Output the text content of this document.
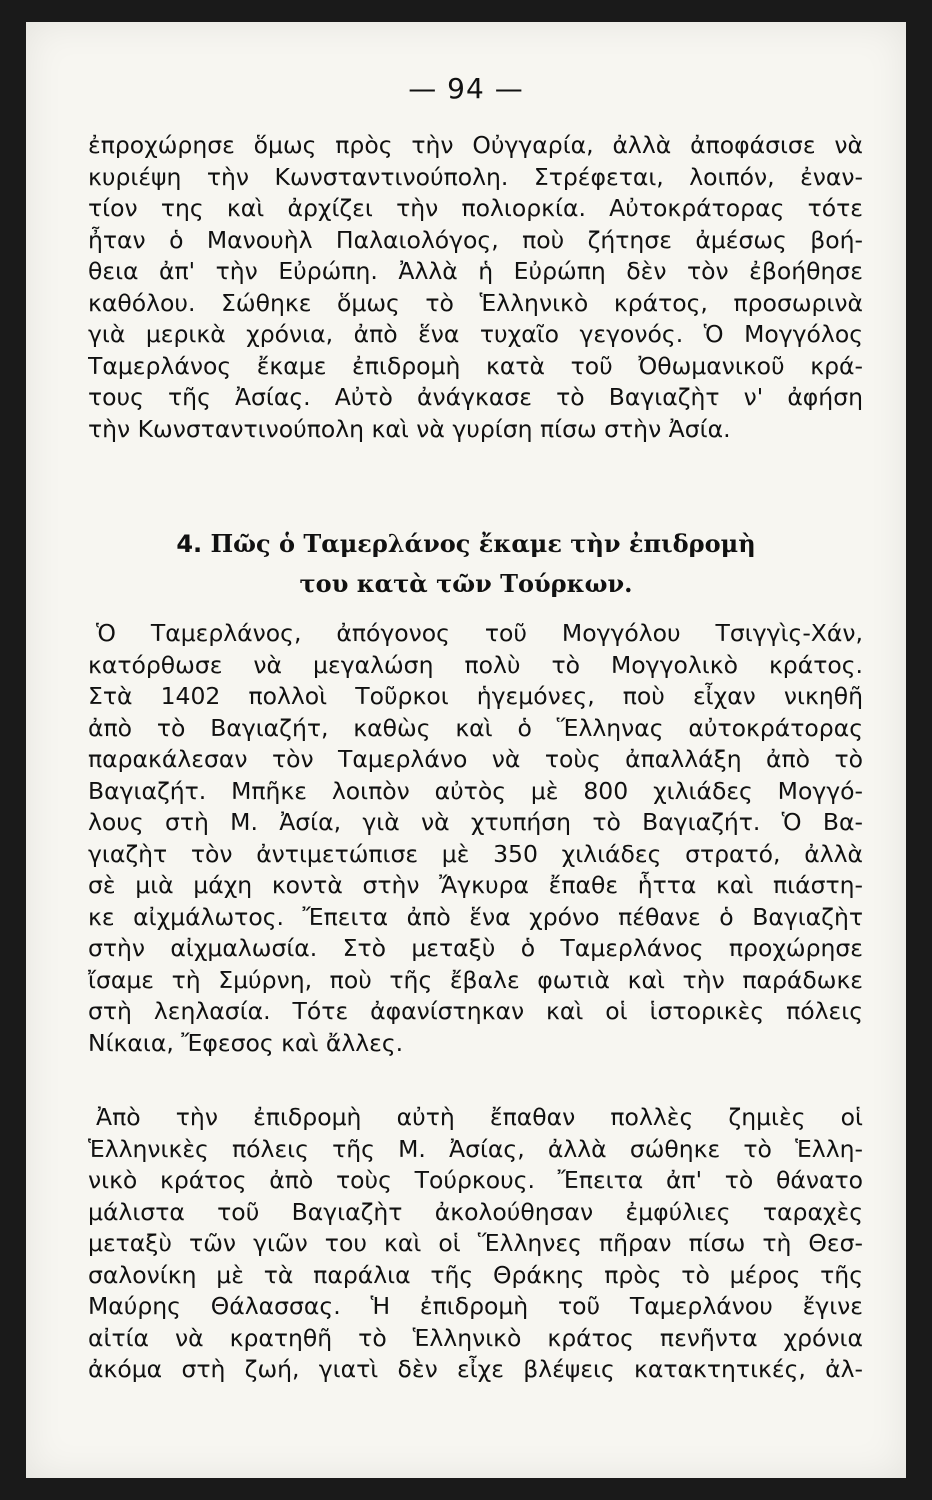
— 94 —
ἐπροχώρησε ὅμως πρὸς τὴν Οὐγγαρία, ἀλλὰ ἀποφάσισε νὰ
κυριέψη τὴν Κωνσταντινούπολη. Στρέφεται, λοιπόν, ἐναν-
τίον της καὶ ἀρχίζει τὴν πολιορκία. Αὐτοκράτορας τότε
ἦταν ὁ Μανουὴλ Παλαιολόγος, ποὺ ζήτησε ἀμέσως βοή-
θεια ἀπ' τὴν Εὐρώπη. Ἀλλὰ ἡ Εὐρώπη δὲν τὸν ἐβοήθησε
καθόλου. Σώθηκε ὅμως τὸ Ἑλληνικὸ κράτος, προσωρινὰ
γιὰ μερικὰ χρόνια, ἀπὸ ἕνα τυχαῖο γεγονός. Ὁ Μογγόλος
Ταμερλάνος ἔκαμε ἐπιδρομὴ κατὰ τοῦ Ὀθωμανικοῦ κρά-
τους τῆς Ἀσίας. Αὐτὸ ἀνάγκασε τὸ Βαγιαζὴτ ν' ἀφήση
τὴν Κωνσταντινούπολη καὶ νὰ γυρίση πίσω στὴν Ἀσία.
4. Πῶς ὁ Ταμερλάνος ἔκαμε τὴν ἐπιδρομὴ
του κατὰ τῶν Τούρκων.
Ὁ Ταμερλάνος, ἀπόγονος τοῦ Μογγόλου Τσιγγὶς-Χάν,
κατόρθωσε νὰ μεγαλώση πολὺ τὸ Μογγολικὸ κράτος.
Στὰ 1402 πολλοὶ Τοῦρκοι ἡγεμόνες, ποὺ εἶχαν νικηθῆ
ἀπὸ τὸ Βαγιαζήτ, καθὼς καὶ ὁ Ἕλληνας αὐτοκράτορας
παρακάλεσαν τὸν Ταμερλάνο νὰ τοὺς ἀπαλλάξη ἀπὸ τὸ
Βαγιαζήτ. Μπῆκε λοιπὸν αὐτὸς μὲ 800 χιλιάδες Μογγό-
λους στὴ Μ. Ἀσία, γιὰ νὰ χτυπήση τὸ Βαγιαζήτ. Ὁ Βα-
γιαζὴτ τὸν ἀντιμετώπισε μὲ 350 χιλιάδες στρατό, ἀλλὰ
σὲ μιὰ μάχη κοντὰ στὴν Ἄγκυρα ἔπαθε ἧττα καὶ πιάστη-
κε αἰχμάλωτος. Ἔπειτα ἀπὸ ἕνα χρόνο πέθανε ὁ Βαγιαζὴτ
στὴν αἰχμαλωσία. Στὸ μεταξὺ ὁ Ταμερλάνος προχώρησε
ἴσαμε τὴ Σμύρνη, ποὺ τῆς ἔβαλε φωτιὰ καὶ τὴν παράδωκε
στὴ λεηλασία. Τότε ἀφανίστηκαν καὶ οἱ ἱστορικὲς πόλεις
Νίκαια, Ἔφεσος καὶ ἄλλες.
Ἀπὸ τὴν ἐπιδρομὴ αὐτὴ ἔπαθαν πολλὲς ζημιὲς οἱ
Ἑλληνικὲς πόλεις τῆς Μ. Ἀσίας, ἀλλὰ σώθηκε τὸ Ἑλλη-
νικὸ κράτος ἀπὸ τοὺς Τούρκους. Ἔπειτα ἀπ' τὸ θάνατο
μάλιστα τοῦ Βαγιαζὴτ ἀκολούθησαν ἐμφύλιες ταραχὲς
μεταξὺ τῶν γιῶν του καὶ οἱ Ἕλληνες πῆραν πίσω τὴ Θεσ-
σαλονίκη μὲ τὰ παράλια τῆς Θράκης πρὸς τὸ μέρος τῆς
Μαύρης Θάλασσας. Ἡ ἐπιδρομὴ τοῦ Ταμερλάνου ἔγινε
αἰτία νὰ κρατηθῆ τὸ Ἑλληνικὸ κράτος πενῆντα χρόνια
ἀκόμα στὴ ζωή, γιατὶ δὲν εἶχε βλέψεις κατακτητικές, ἀλ-
